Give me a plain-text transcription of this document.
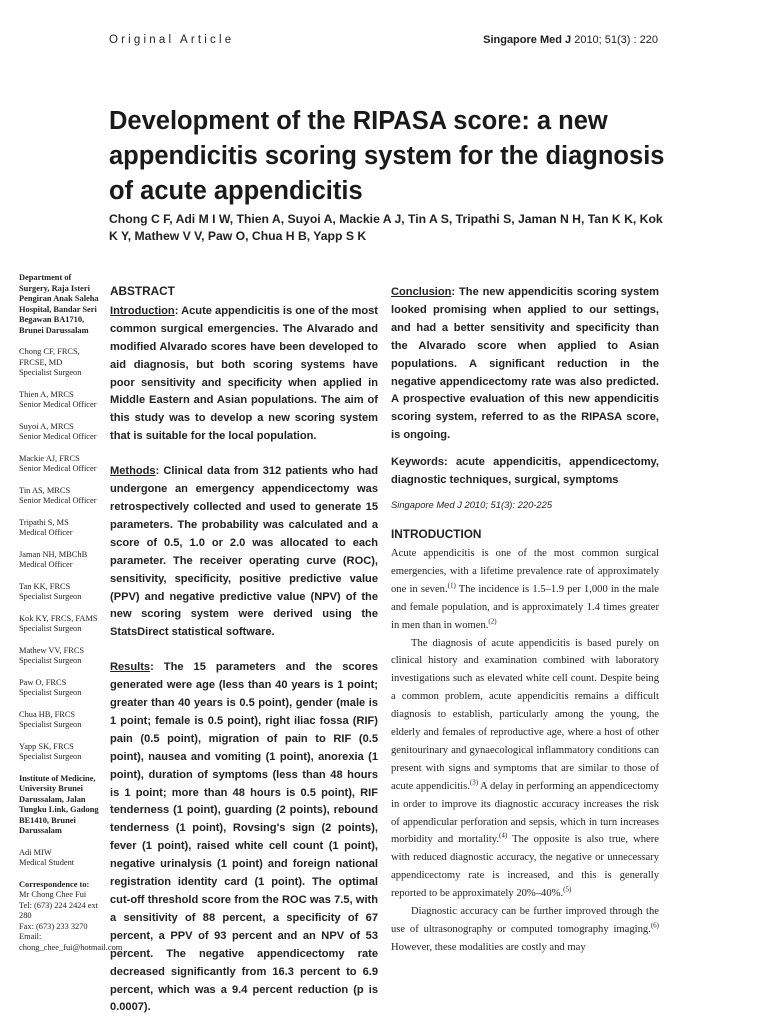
Original Article	Singapore Med J 2010; 51(3) : 220
Development of the RIPASA score: a new appendicitis scoring system for the diagnosis of acute appendicitis
Chong C F, Adi M I W, Thien A, Suyoi A, Mackie A J, Tin A S, Tripathi S, Jaman N H, Tan K K, Kok K Y, Mathew V V, Paw O, Chua H B, Yapp S K
Department of Surgery, Raja Isteri Pengiran Anak Saleha Hospital, Bandar Seri Begawan BA1710, Brunei Darussalam
Chong CF, FRCS, FRCSE, MD
Specialist Surgeon
Thien A, MRCS
Senior Medical Officer
Suyoi A, MRCS
Senior Medical Officer
Mackie AJ, FRCS
Senior Medical Officer
Tin AS, MRCS
Senior Medical Officer
Tripathi S, MS
Medical Officer
Jaman NH, MBChB
Medical Officer
Tan KK, FRCS
Specialist Surgeon
Kok KY, FRCS, FAMS
Specialist Surgeon
Mathew VV, FRCS
Specialist Surgeon
Paw O, FRCS
Specialist Surgeon
Chua HB, FRCS
Specialist Surgeon
Yapp SK, FRCS
Specialist Surgeon
Institute of Medicine, University Brunei Darussalam, Jalan Tungku Link, Gadong BE1410, Brunei Darussalam
Adi MIW
Medical Student
Correspondence to:
Mr Chong Chee Fui
Tel: (673) 224 2424 ext 280
Fax: (673) 233 3270
Email: chong_chee_fui@hotmail.com
ABSTRACT

Introduction: Acute appendicitis is one of the most common surgical emergencies. The Alvarado and modified Alvarado scores have been developed to aid diagnosis, but both scoring systems have poor sensitivity and specificity when applied in Middle Eastern and Asian populations. The aim of this study was to develop a new scoring system that is suitable for the local population.

Methods: Clinical data from 312 patients who had undergone an emergency appendicectomy was retrospectively collected and used to generate 15 parameters. The probability was calculated and a score of 0.5, 1.0 or 2.0 was allocated to each parameter. The receiver operating curve (ROC), sensitivity, specificity, positive predictive value (PPV) and negative predictive value (NPV) of the new scoring system were derived using the StatsDirect statistical software.

Results: The 15 parameters and the scores generated were age (less than 40 years is 1 point; greater than 40 years is 0.5 point), gender (male is 1 point; female is 0.5 point), right iliac fossa (RIF) pain (0.5 point), migration of pain to RIF (0.5 point), nausea and vomiting (1 point), anorexia (1 point), duration of symptoms (less than 48 hours is 1 point; more than 48 hours is 0.5 point), RIF tenderness (1 point), guarding (2 points), rebound tenderness (1 point), Rovsing's sign (2 points), fever (1 point), raised white cell count (1 point), negative urinalysis (1 point) and foreign national registration identity card (1 point). The optimal cut-off threshold score from the ROC was 7.5, with a sensitivity of 88 percent, a specificity of 67 percent, a PPV of 93 percent and an NPV of 53 percent. The negative appendicectomy rate decreased significantly from 16.3 percent to 6.9 percent, which was a 9.4 percent reduction (p is 0.0007).

Conclusion: The new appendicitis scoring system looked promising when applied to our settings, and had a better sensitivity and specificity than the Alvarado score when applied to Asian populations. A significant reduction in the negative appendicectomy rate was also predicted. A prospective evaluation of this new appendicitis scoring system, referred to as the RIPASA score, is ongoing.

Keywords: acute appendicitis, appendicectomy, diagnostic techniques, surgical, symptoms

Singapore Med J 2010; 51(3): 220-225

INTRODUCTION

Acute appendicitis is one of the most common surgical emergencies, with a lifetime prevalence rate of approximately one in seven.$^{(1)}$ The incidence is 1.5–1.9 per 1,000 in the male and female population, and is approximately 1.4 times greater in men than in women.$^{(2)}$

The diagnosis of acute appendicitis is based purely on clinical history and examination combined with laboratory investigations such as elevated white cell count. Despite being a common problem, acute appendicitis remains a difficult diagnosis to establish, particularly among the young, the elderly and females of reproductive age, where a host of other genitourinary and gynaecological inflammatory conditions can present with signs and symptoms that are similar to those of acute appendicitis.$^{(3)}$ A delay in performing an appendicectomy in order to improve its diagnostic accuracy increases the risk of appendicular perforation and sepsis, which in turn increases morbidity and mortality.$^{(4)}$ The opposite is also true, where with reduced diagnostic accuracy, the negative or unnecessary appendicectomy rate is increased, and this is generally reported to be approximately 20%–40%.$^{(5)}$

Diagnostic accuracy can be further improved through the use of ultrasonography or computed tomography imaging.$^{(6)}$ However, these modalities are costly and may
